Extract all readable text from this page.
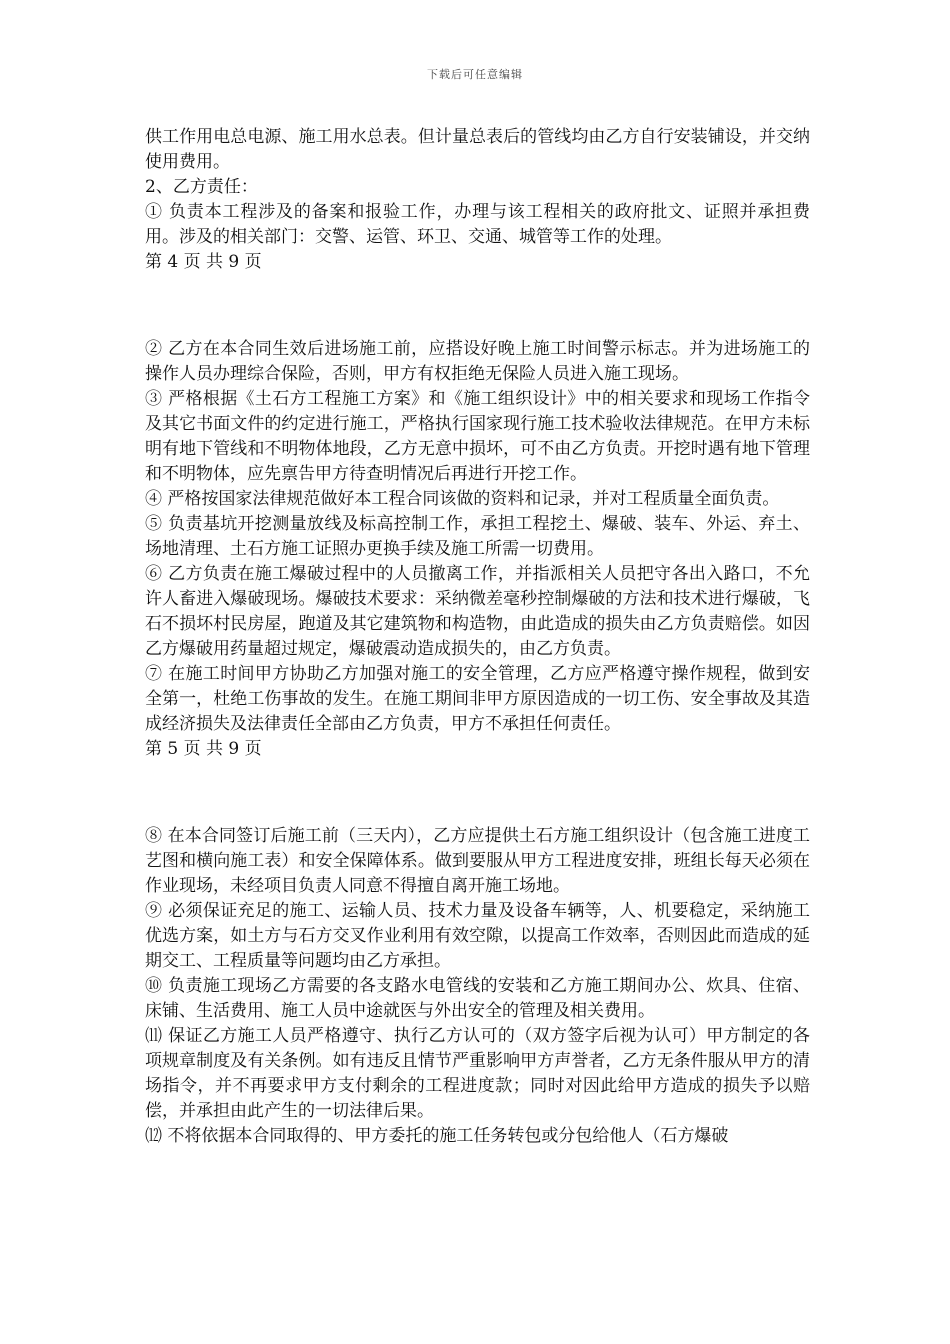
下载后可任意编辑

供工作用电总电源、施工用水总表。但计量总表后的管线均由乙方自行安装铺设，并交纳使用费用。

2、乙方责任：

① 负责本工程涉及的备案和报验工作，办理与该工程相关的政府批文、证照并承担费用。涉及的相关部门：交警、运管、环卫、交通、城管等工作的处理。

第 4 页 共 9 页

② 乙方在本合同生效后进场施工前，应搭设好晚上施工时间警示标志。并为进场施工的操作人员办理综合保险，否则，甲方有权拒绝无保险人员进入施工现场。

③ 严格根据《土石方工程施工方案》和《施工组织设计》中的相关要求和现场工作指令及其它书面文件的约定进行施工，严格执行国家现行施工技术验收法律规范。在甲方未标明有地下管线和不明物体地段，乙方无意中损坏，可不由乙方负责。开挖时遇有地下管理和不明物体，应先禀告甲方待查明情况后再进行开挖工作。

④ 严格按国家法律规范做好本工程合同该做的资料和记录，并对工程质量全面负责。

⑤ 负责基坑开挖测量放线及标高控制工作，承担工程挖土、爆破、装车、外运、弃土、场地清理、土石方施工证照办更换手续及施工所需一切费用。

⑥ 乙方负责在施工爆破过程中的人员撤离工作，并指派相关人员把守各出入路口，不允许人畜进入爆破现场。爆破技术要求：采纳微差毫秒控制爆破的方法和技术进行爆破，飞石不损坏村民房屋，跑道及其它建筑物和构造物，由此造成的损失由乙方负责赔偿。如因乙方爆破用药量超过规定，爆破震动造成损失的，由乙方负责。

⑦ 在施工时间甲方协助乙方加强对施工的安全管理，乙方应严格遵守操作规程，做到安全第一，杜绝工伤事故的发生。在施工期间非甲方原因造成的一切工伤、安全事故及其造成经济损失及法律责任全部由乙方负责，甲方不承担任何责任。

第 5 页 共 9 页

⑧ 在本合同签订后施工前（三天内），乙方应提供土石方施工组织设计（包含施工进度工艺图和横向施工表）和安全保障体系。做到要服从甲方工程进度安排，班组长每天必须在作业现场，未经项目负责人同意不得擅自离开施工场地。

⑨ 必须保证充足的施工、运输人员、技术力量及设备车辆等，人、机要稳定，采纳施工优选方案，如土方与石方交叉作业利用有效空隙，以提高工作效率，否则因此而造成的延期交工、工程质量等问题均由乙方承担。

⑩ 负责施工现场乙方需要的各支路水电管线的安装和乙方施工期间办公、炊具、住宿、床铺、生活费用、施工人员中途就医与外出安全的管理及相关费用。

⑾ 保证乙方施工人员严格遵守、执行乙方认可的（双方签字后视为认可）甲方制定的各项规章制度及有关条例。如有违反且情节严重影响甲方声誉者，乙方无条件服从甲方的清场指令，并不再要求甲方支付剩余的工程进度款；同时对因此给甲方造成的损失予以赔偿，并承担由此产生的一切法律后果。

⑿ 不将依据本合同取得的、甲方委托的施工任务转包或分包给他人（石方爆破
